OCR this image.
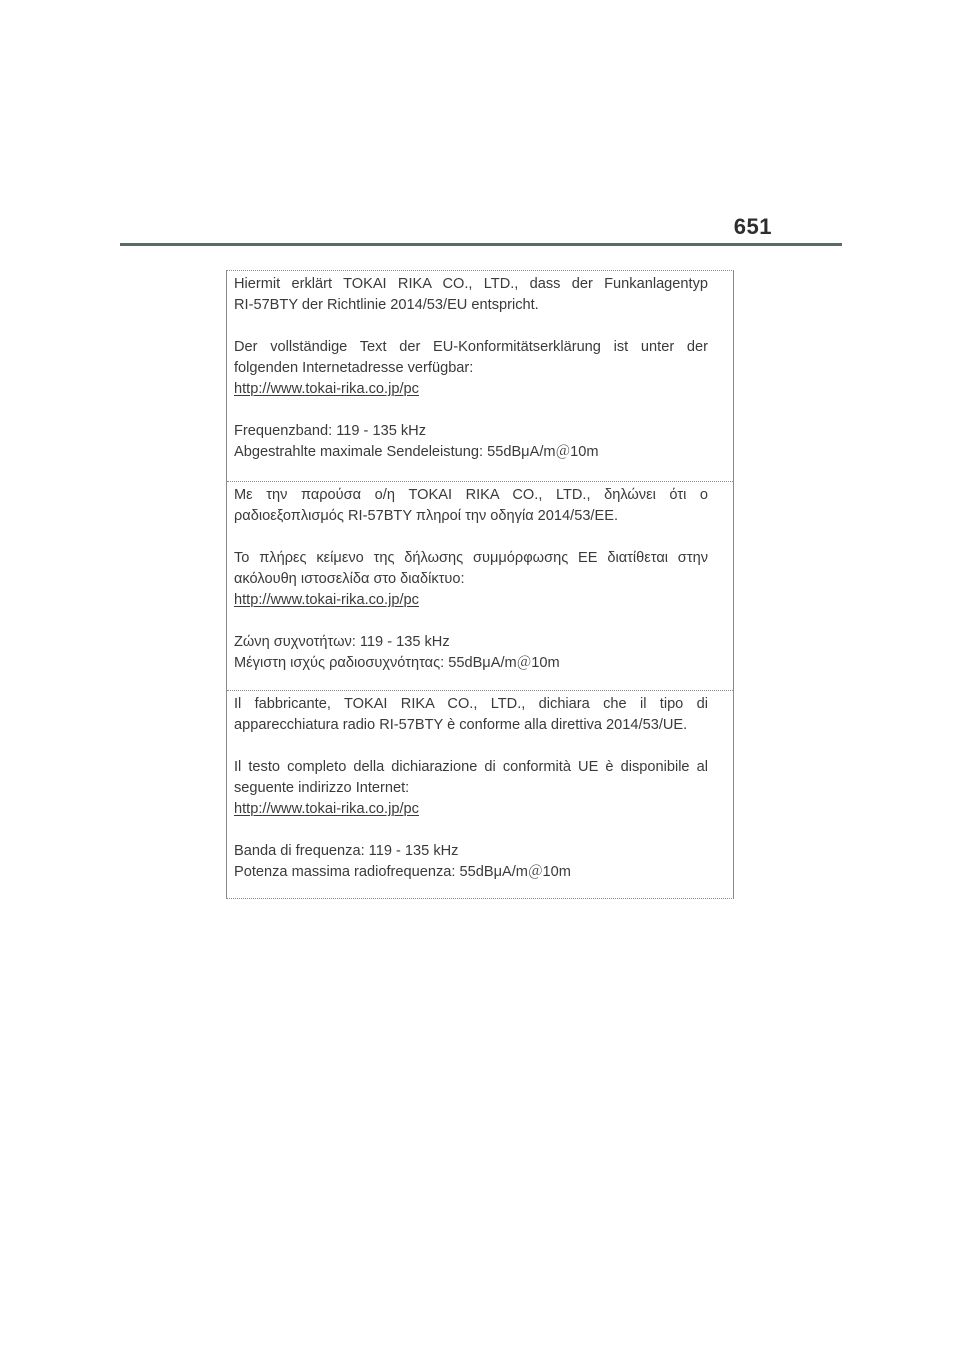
651
Hiermit erklärt TOKAI RIKA CO., LTD., dass der Funkanlagentyp
RI-57BTY der Richtlinie 2014/53/EU entspricht.
Der vollständige Text der EU-Konformitätserklärung ist unter der
folgenden Internetadresse verfügbar:
http://www.tokai-rika.co.jp/pc
Frequenzband: 119 - 135 kHz
Abgestrahlte maximale Sendeleistung: 55dBμA/m＠10m
Με την παρούσα ο/η TOKAI RIKA CO., LTD., δηλώνει ότι ο
ραδιοεξοπλισμός RI-57BTY πληροί την οδηγία 2014/53/ΕΕ.
Το πλήρες κείμενο της δήλωσης συμμόρφωσης ΕΕ διατίθεται στην
ακόλουθη ιστοσελίδα στο διαδίκτυο:
http://www.tokai-rika.co.jp/pc
Ζώνη συχνοτήτων: 119 - 135 kHz
Μέγιστη ισχύς ραδιοσυχνότητας: 55dBμA/m＠10m
Il fabbricante, TOKAI RIKA CO., LTD., dichiara che il tipo di
apparecchiatura radio RI-57BTY è conforme alla direttiva 2014/53/UE.
Il testo completo della dichiarazione di conformità UE è disponibile al
seguente indirizzo Internet:
http://www.tokai-rika.co.jp/pc
Banda di frequenza: 119 - 135 kHz
Potenza massima radiofrequenza: 55dBμA/m＠10m
